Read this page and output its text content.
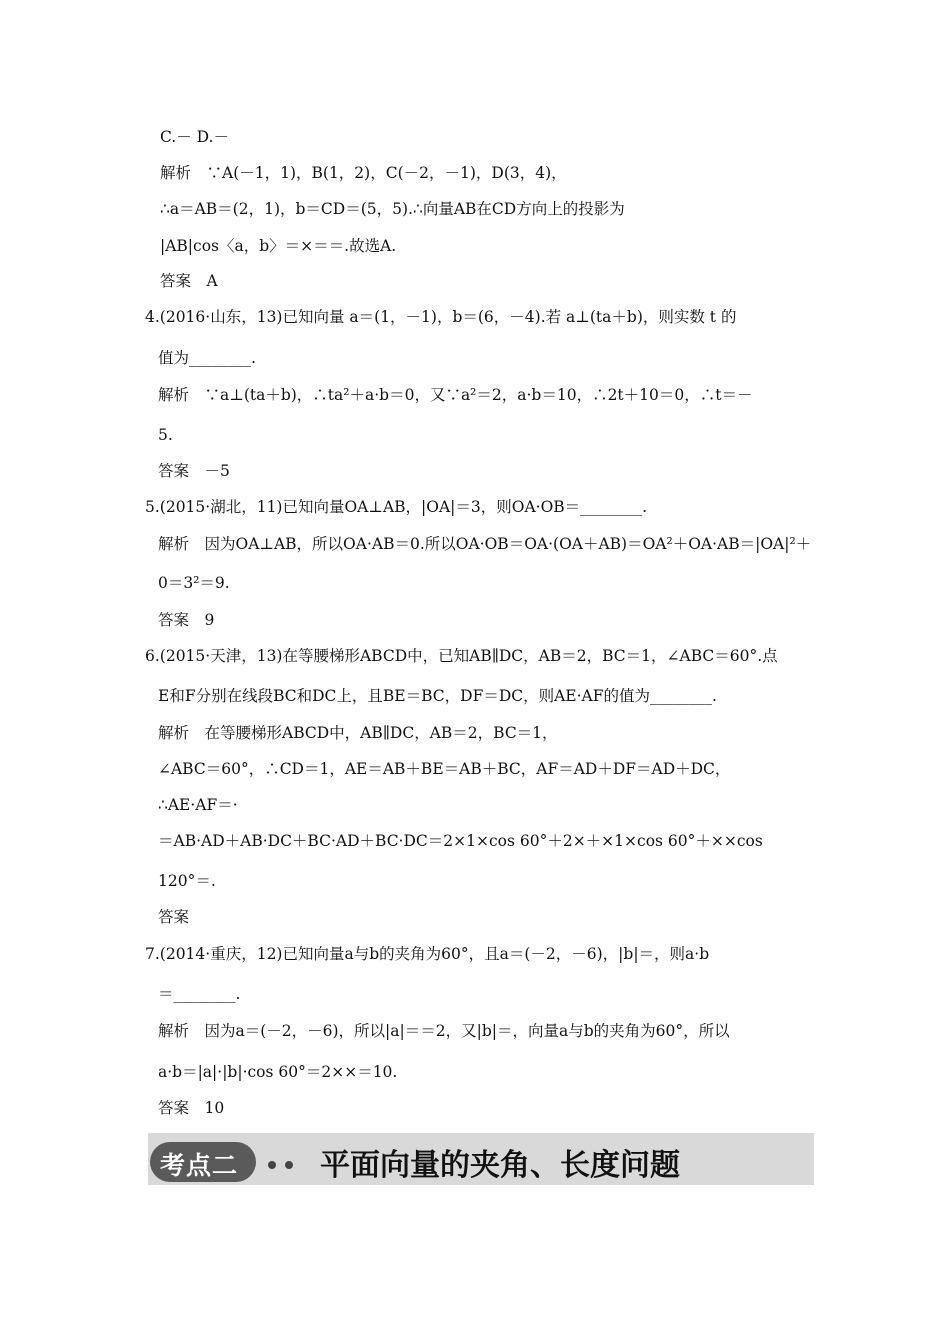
C.－ D.－
解析　∵A(－1，1)，B(1，2)，C(－2，－1)，D(3，4)，
∴a＝AB＝(2，1)，b＝CD＝(5，5).∴向量AB在CD方向上的投影为
|AB|cos〈a，b〉＝×＝＝.故选A.
答案　A
4.(2016·山东，13)已知向量 a＝(1，－1)，b＝(6，－4).若 a⊥(ta＋b)，则实数 t 的
值为________.
解析　∵a⊥(ta＋b)，∴ta²＋a·b＝0，又∵a²＝2，a·b＝10，∴2t＋10＝0，∴t＝－
5.
答案　－5
5.(2015·湖北，11)已知向量OA⊥AB，|OA|＝3，则OA·OB＝________.
解析　因为OA⊥AB，所以OA·AB＝0.所以OA·OB＝OA·(OA＋AB)＝OA²＋OA·AB＝|OA|²＋
0＝3²＝9.
答案　9
6.(2015·天津，13)在等腰梯形ABCD中，已知AB∥DC，AB＝2，BC＝1，∠ABC＝60°.点
E和F分别在线段BC和DC上，且BE＝BC，DF＝DC，则AE·AF的值为________.
解析　在等腰梯形ABCD中，AB∥DC，AB＝2，BC＝1，
∠ABC＝60°，∴CD＝1，AE＝AB＋BE＝AB＋BC，AF＝AD＋DF＝AD＋DC，
∴AE·AF＝·
＝AB·AD＋AB·DC＋BC·AD＋BC·DC＝2×1×cos 60°＋2×＋×1×cos 60°＋××cos
120°＝.
答案
7.(2014·重庆，12)已知向量a与b的夹角为60°，且a＝(－2，－6)，|b|＝，则a·b
＝________.
解析　因为a＝(－2，－6)，所以|a|＝＝2，又|b|＝，向量a与b的夹角为60°，所以
a·b＝|a|·|b|·cos 60°＝2××＝10.
答案　10
考点二	平面向量的夹角、长度问题
